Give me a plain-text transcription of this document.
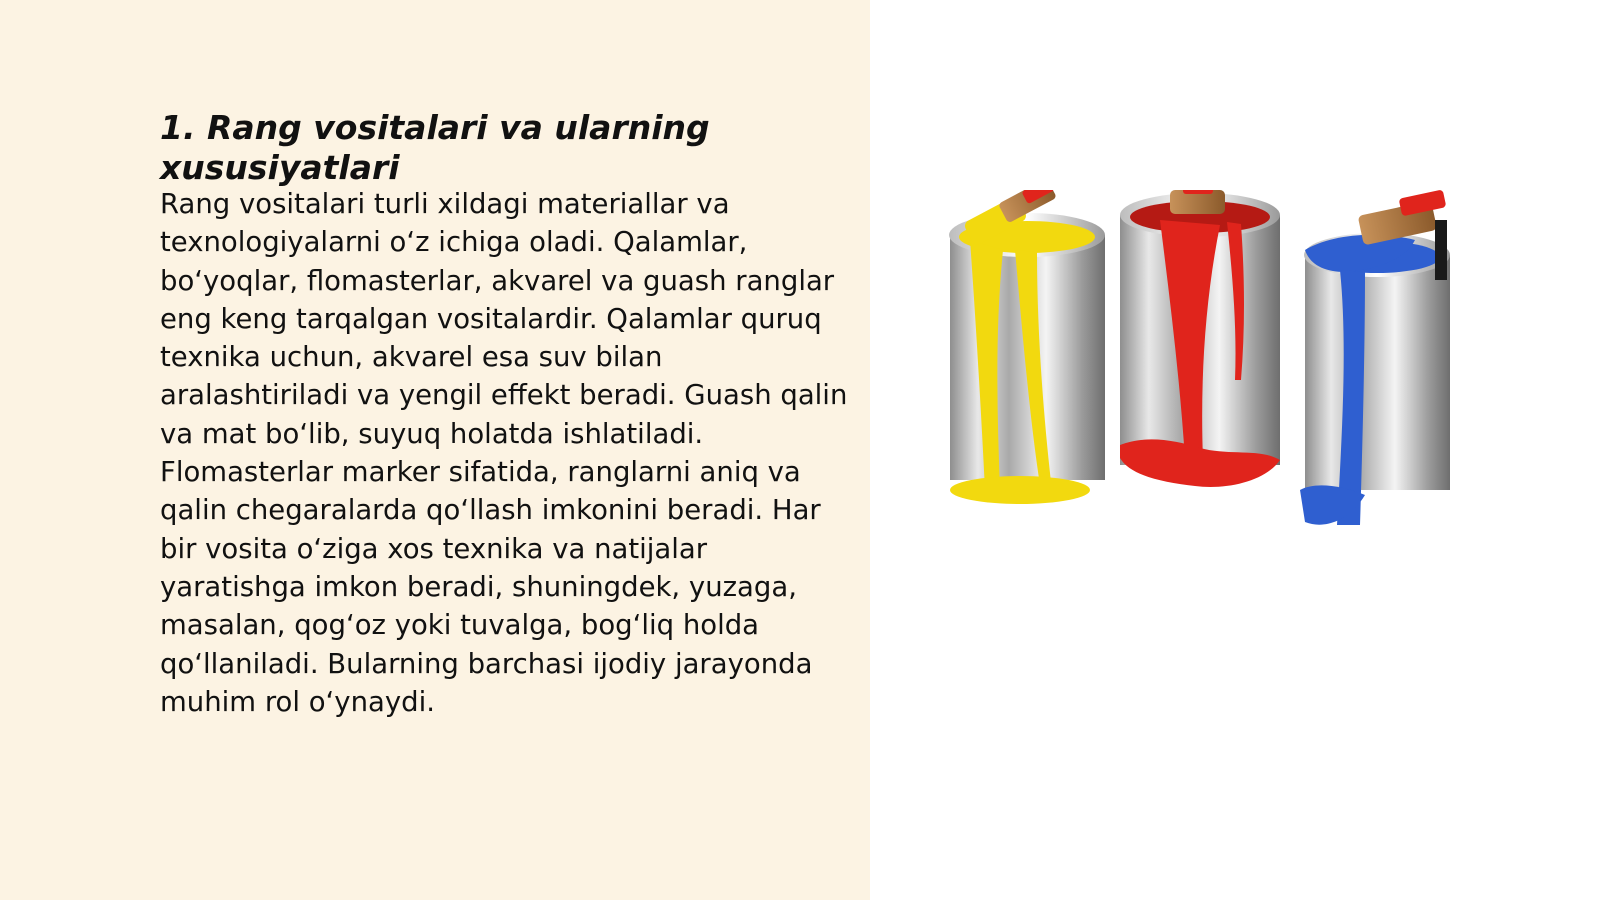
1. Rang vositalari va ularning xususiyatlari

Rang vositalari turli xildagi materiallar va texnologiyalarni o‘z ichiga oladi. Qalamlar, bo‘yoqlar, flomasterlar, akvarel va guash ranglar eng keng tarqalgan vositalardir. Qalamlar quruq texnika uchun, akvarel esa suv bilan aralashtiriladi va yengil effekt beradi. Guash qalin va mat bo‘lib, suyuq holatda ishlatiladi. Flomasterlar marker sifatida, ranglarni aniq va qalin chegaralarda qo‘llash imkonini beradi. Har bir vosita o‘ziga xos texnika va natijalar yaratishga imkon beradi, shuningdek, yuzaga, masalan, qog‘oz yoki tuvalga, bog‘liq holda qo‘llaniladi. Bularning barchasi ijodiy jarayonda muhim rol o‘ynaydi.
